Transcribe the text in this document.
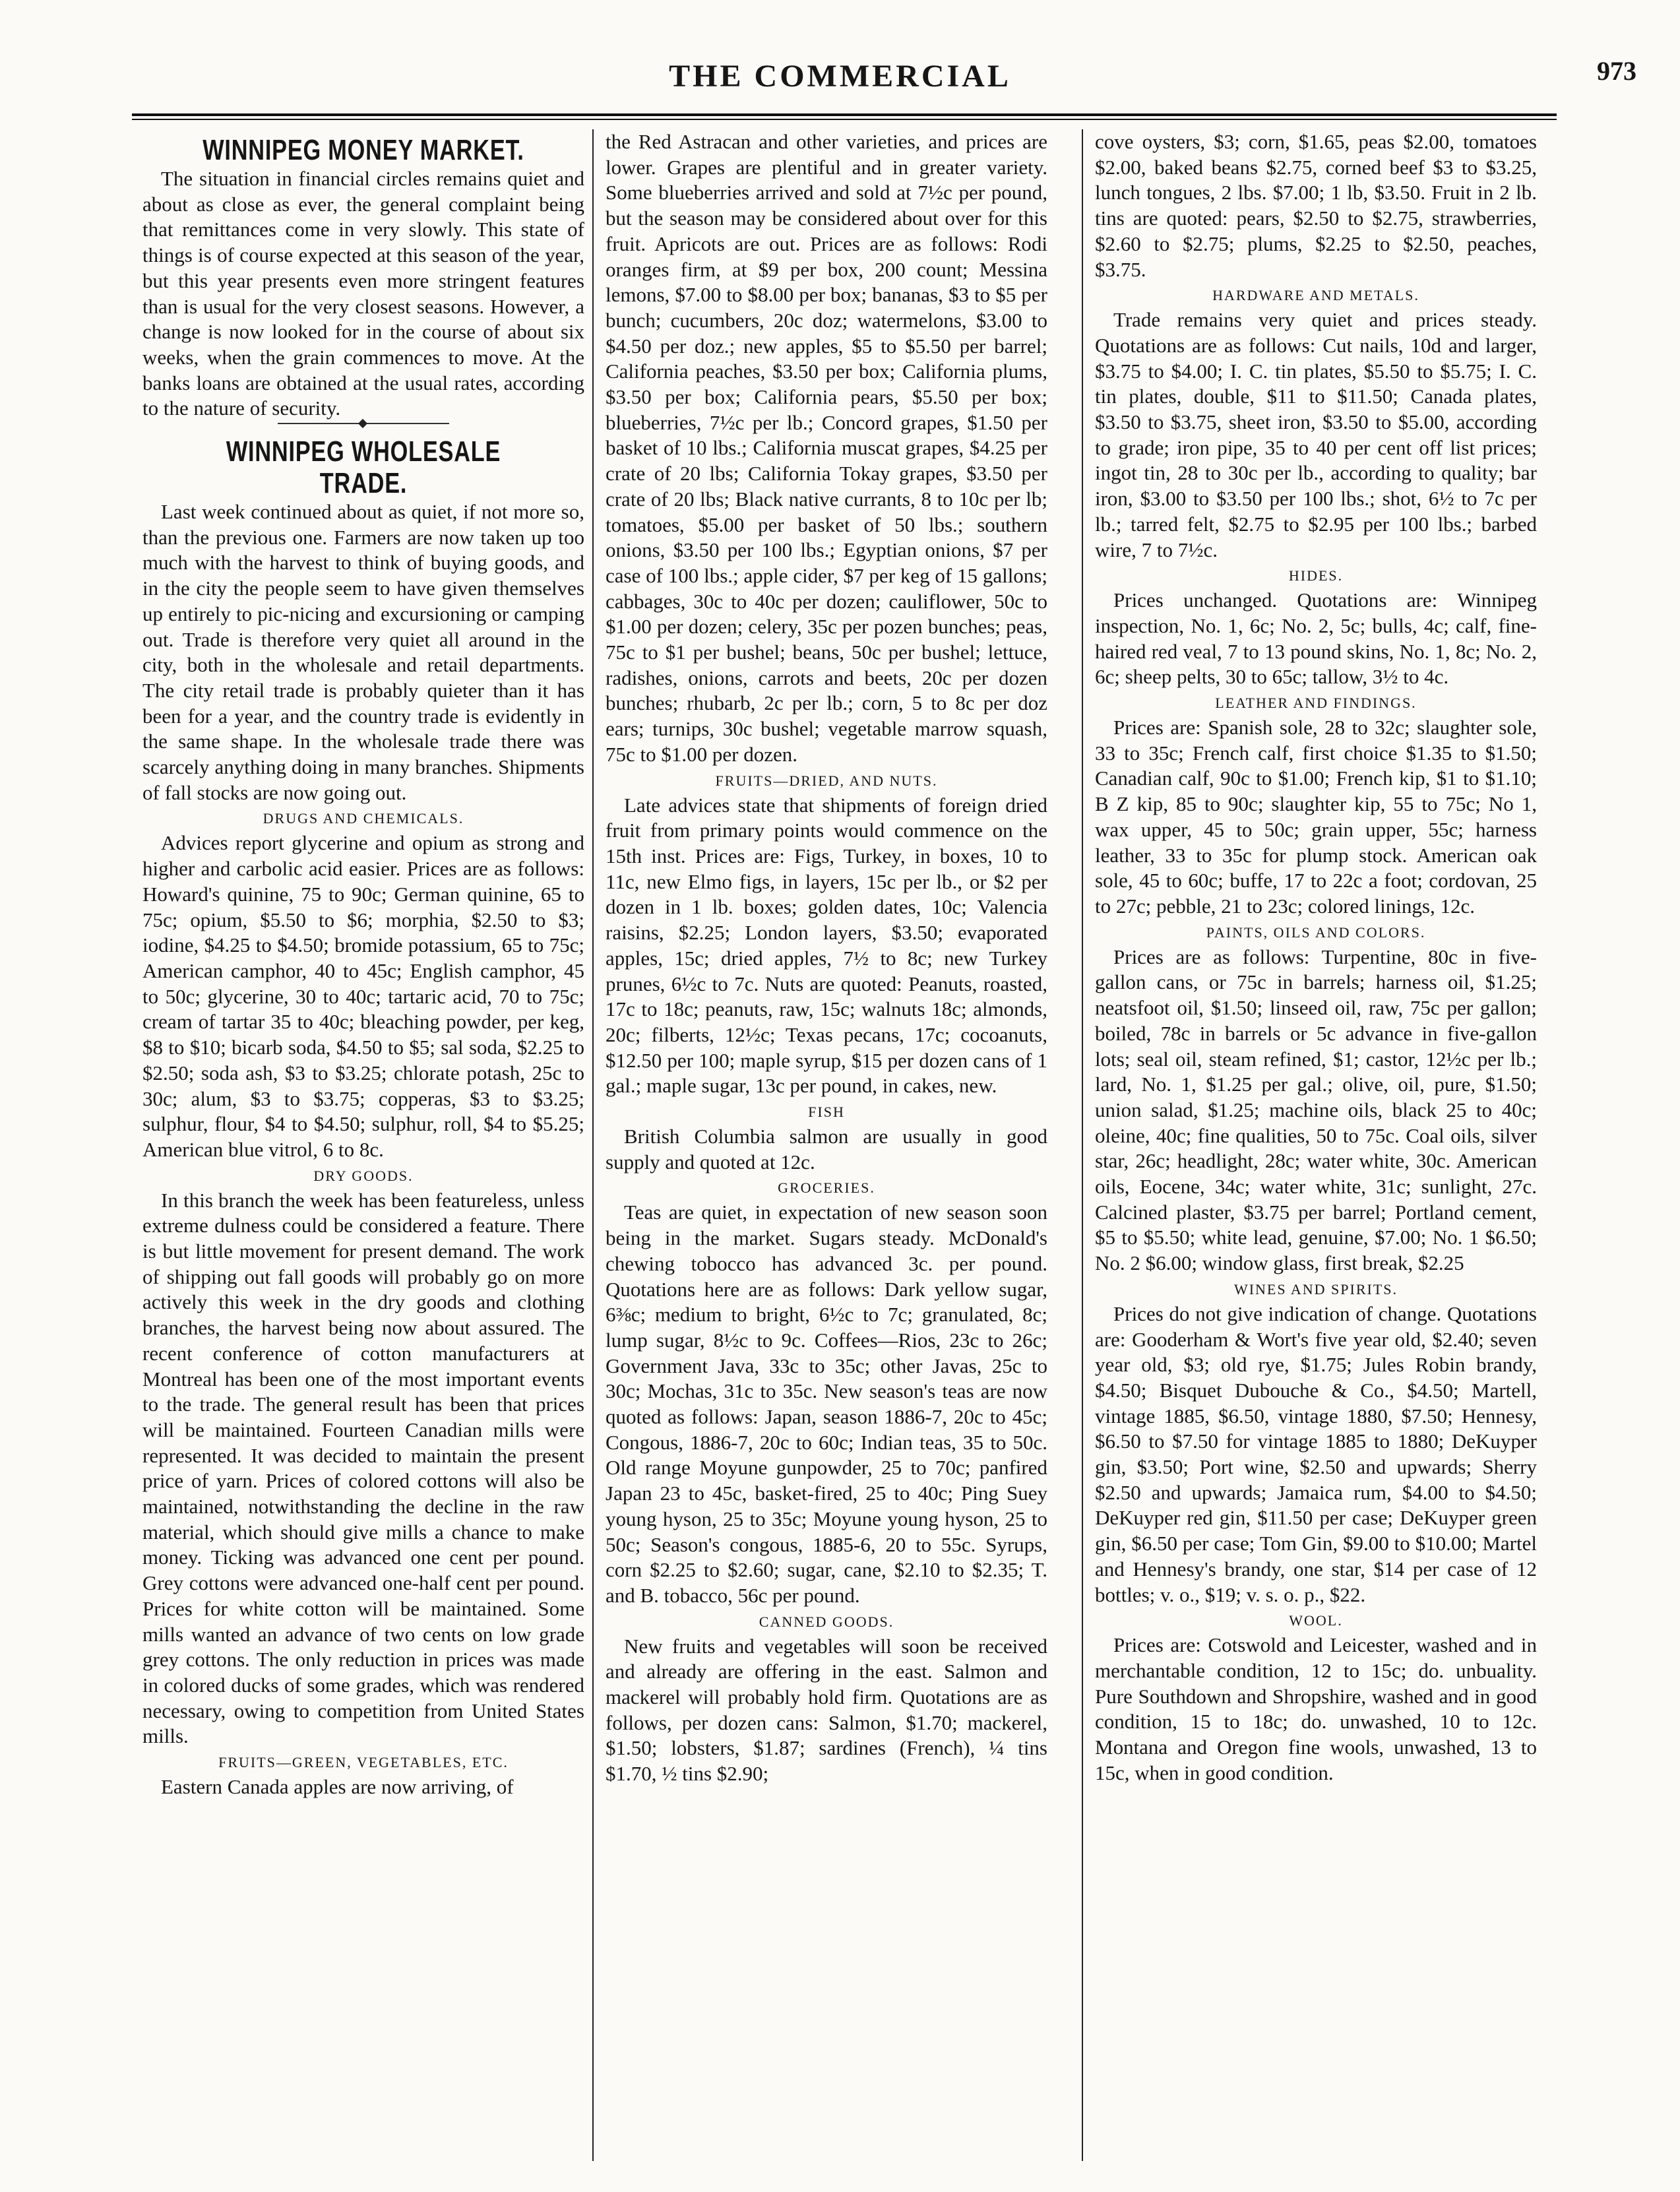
THE COMMERCIAL	973
WINNIPEG MONEY MARKET.

The situation in financial circles remains quiet and about as close as ever, the general complaint being that remittances come in very slowly. This state of things is of course expected at this season of the year, but this year presents even more stringent features than is usual for the very closest seasons. However, a change is now looked for in the course of about six weeks, when the grain commences to move. At the banks loans are obtained at the usual rates, according to the nature of security.

WINNIPEG WHOLESALE TRADE.

Last week continued about as quiet, if not more so, than the previous one. Farmers are now taken up too much with the harvest to think of buying goods, and in the city the people seem to have given themselves up entirely to pic-nicing and excursioning or camping out. Trade is therefore very quiet all around in the city, both in the wholesale and retail departments. The city retail trade is probably quieter than it has been for a year, and the country trade is evidently in the same shape. In the wholesale trade there was scarcely anything doing in many branches. Shipments of fall stocks are now going out.

DRUGS AND CHEMICALS.

Advices report glycerine and opium as strong and higher and carbolic acid easier. Prices are as follows: Howard's quinine, 75 to 90c; German quinine, 65 to 75c; opium, $5.50 to $6; morphia, $2.50 to $3; iodine, $4.25 to $4.50; bromide potassium, 65 to 75c; American camphor, 40 to 45c; English camphor, 45 to 50c; glycerine, 30 to 40c; tartaric acid, 70 to 75c; cream of tartar 35 to 40c; bleaching powder, per keg, $8 to $10; bicarb soda, $4.50 to $5; sal soda, $2.25 to $2.50; soda ash, $3 to $3.25; chlorate potash, 25c to 30c; alum, $3 to $3.75; copperas, $3 to $3.25; sulphur, flour, $4 to $4.50; sulphur, roll, $4 to $5.25; American blue vitrol, 6 to 8c.

DRY GOODS.

In this branch the week has been featureless, unless extreme dulness could be considered a feature. There is but little movement for present demand. The work of shipping out fall goods will probably go on more actively this week in the dry goods and clothing branches, the harvest being now about assured. The recent conference of cotton manufacturers at Montreal has been one of the most important events to the trade. The general result has been that prices will be maintained. Fourteen Canadian mills were represented. It was decided to maintain the present price of yarn. Prices of colored cottons will also be maintained, notwithstanding the decline in the raw material, which should give mills a chance to make money. Ticking was advanced one cent per pound. Grey cottons were advanced one-half cent per pound. Prices for white cotton will be maintained. Some mills wanted an advance of two cents on low grade grey cottons. The only reduction in prices was made in colored ducks of some grades, which was rendered necessary, owing to competition from United States mills.

FRUITS—GREEN, VEGETABLES, ETC.

Eastern Canada apples are now arriving, of

the Red Astracan and other varieties, and prices are lower. Grapes are plentiful and in greater variety. Some blueberries arrived and sold at 7½c per pound, but the season may be considered about over for this fruit. Apricots are out. Prices are as follows: Rodi oranges firm, at $9 per box, 200 count; Messina lemons, $7.00 to $8.00 per box; bananas, $3 to $5 per bunch; cucumbers, 20c doz; watermelons, $3.00 to $4.50 per doz.; new apples, $5 to $5.50 per barrel; California peaches, $3.50 per box; California plums, $3.50 per box; California pears, $5.50 per box; blueberries, 7½c per lb.; Concord grapes, $1.50 per basket of 10 lbs.; California muscat grapes, $4.25 per crate of 20 lbs; California Tokay grapes, $3.50 per crate of 20 lbs; Black native currants, 8 to 10c per lb; tomatoes, $5.00 per basket of 50 lbs.; southern onions, $3.50 per 100 lbs.; Egyptian onions, $7 per case of 100 lbs.; apple cider, $7 per keg of 15 gallons; cabbages, 30c to 40c per dozen; cauliflower, 50c to $1.00 per dozen; celery, 35c per pozen bunches; peas, 75c to $1 per bushel; beans, 50c per bushel; lettuce, radishes, onions, carrots and beets, 20c per dozen bunches; rhubarb, 2c per lb.; corn, 5 to 8c per doz ears; turnips, 30c bushel; vegetable marrow squash, 75c to $1.00 per dozen.

FRUITS—DRIED, AND NUTS.

Late advices state that shipments of foreign dried fruit from primary points would commence on the 15th inst. Prices are: Figs, Turkey, in boxes, 10 to 11c, new Elmo figs, in layers, 15c per lb., or $2 per dozen in 1 lb. boxes; golden dates, 10c; Valencia raisins, $2.25; London layers, $3.50; evaporated apples, 15c; dried apples, 7½ to 8c; new Turkey prunes, 6½c to 7c. Nuts are quoted: Peanuts, roasted, 17c to 18c; peanuts, raw, 15c; walnuts 18c; almonds, 20c; filberts, 12½c; Texas pecans, 17c; cocoanuts, $12.50 per 100; maple syrup, $15 per dozen cans of 1 gal.; maple sugar, 13c per pound, in cakes, new.

FISH

British Columbia salmon are usually in good supply and quoted at 12c.

GROCERIES.

Teas are quiet, in expectation of new season soon being in the market. Sugars steady. McDonald's chewing tobocco has advanced 3c. per pound. Quotations here are as follows: Dark yellow sugar, 6⅜c; medium to bright, 6½c to 7c; granulated, 8c; lump sugar, 8½c to 9c. Coffees—Rios, 23c to 26c; Government Java, 33c to 35c; other Javas, 25c to 30c; Mochas, 31c to 35c. New season's teas are now quoted as follows: Japan, season 1886-7, 20c to 45c; Congous, 1886-7, 20c to 60c; Indian teas, 35 to 50c. Old range Moyune gunpowder, 25 to 70c; panfired Japan 23 to 45c, basket-fired, 25 to 40c; Ping Suey young hyson, 25 to 35c; Moyune young hyson, 25 to 50c; Season's congous, 1885-6, 20 to 55c. Syrups, corn $2.25 to $2.60; sugar, cane, $2.10 to $2.35; T. and B. tobacco, 56c per pound.

CANNED GOODS.

New fruits and vegetables will soon be received and already are offering in the east. Salmon and mackerel will probably hold firm. Quotations are as follows, per dozen cans: Salmon, $1.70; mackerel, $1.50; lobsters, $1.87; sardines (French), ¼ tins $1.70, ½ tins $2.90;

cove oysters, $3; corn, $1.65, peas $2.00, tomatoes $2.00, baked beans $2.75, corned beef $3 to $3.25, lunch tongues, 2 lbs. $7.00; 1 lb, $3.50. Fruit in 2 lb. tins are quoted: pears, $2.50 to $2.75, strawberries, $2.60 to $2.75; plums, $2.25 to $2.50, peaches, $3.75.

HARDWARE AND METALS.

Trade remains very quiet and prices steady. Quotations are as follows: Cut nails, 10d and larger, $3.75 to $4.00; I. C. tin plates, $5.50 to $5.75; I. C. tin plates, double, $11 to $11.50; Canada plates, $3.50 to $3.75, sheet iron, $3.50 to $5.00, according to grade; iron pipe, 35 to 40 per cent off list prices; ingot tin, 28 to 30c per lb., according to quality; bar iron, $3.00 to $3.50 per 100 lbs.; shot, 6½ to 7c per lb.; tarred felt, $2.75 to $2.95 per 100 lbs.; barbed wire, 7 to 7½c.

HIDES.

Prices unchanged. Quotations are: Winnipeg inspection, No. 1, 6c; No. 2, 5c; bulls, 4c; calf, fine-haired red veal, 7 to 13 pound skins, No. 1, 8c; No. 2, 6c; sheep pelts, 30 to 65c; tallow, 3½ to 4c.

LEATHER AND FINDINGS.

Prices are: Spanish sole, 28 to 32c; slaughter sole, 33 to 35c; French calf, first choice $1.35 to $1.50; Canadian calf, 90c to $1.00; French kip, $1 to $1.10; B Z kip, 85 to 90c; slaughter kip, 55 to 75c; No 1, wax upper, 45 to 50c; grain upper, 55c; harness leather, 33 to 35c for plump stock. American oak sole, 45 to 60c; buffe, 17 to 22c a foot; cordovan, 25 to 27c; pebble, 21 to 23c; colored linings, 12c.

PAINTS, OILS AND COLORS.

Prices are as follows: Turpentine, 80c in five-gallon cans, or 75c in barrels; harness oil, $1.25; neatsfoot oil, $1.50; linseed oil, raw, 75c per gallon; boiled, 78c in barrels or 5c advance in five-gallon lots; seal oil, steam refined, $1; castor, 12½c per lb.; lard, No. 1, $1.25 per gal.; olive, oil, pure, $1.50; union salad, $1.25; machine oils, black 25 to 40c; oleine, 40c; fine qualities, 50 to 75c. Coal oils, silver star, 26c; headlight, 28c; water white, 30c. American oils, Eocene, 34c; water white, 31c; sunlight, 27c. Calcined plaster, $3.75 per barrel; Portland cement, $5 to $5.50; white lead, genuine, $7.00; No. 1 $6.50; No. 2 $6.00; window glass, first break, $2.25

WINES AND SPIRITS.

Prices do not give indication of change. Quotations are: Gooderham & Wort's five year old, $2.40; seven year old, $3; old rye, $1.75; Jules Robin brandy, $4.50; Bisquet Dubouche & Co., $4.50; Martell, vintage 1885, $6.50, vintage 1880, $7.50; Hennesy, $6.50 to $7.50 for vintage 1885 to 1880; DeKuyper gin, $3.50; Port wine, $2.50 and upwards; Sherry $2.50 and upwards; Jamaica rum, $4.00 to $4.50; DeKuyper red gin, $11.50 per case; DeKuyper green gin, $6.50 per case; Tom Gin, $9.00 to $10.00; Martel and Hennesy's brandy, one star, $14 per case of 12 bottles; v. o., $19; v. s. o. p., $22.

WOOL.

Prices are: Cotswold and Leicester, washed and in merchantable condition, 12 to 15c; do. unbuality. Pure Southdown and Shropshire, washed and in good condition, 15 to 18c; do. unwashed, 10 to 12c. Montana and Oregon fine wools, unwashed, 13 to 15c, when in good condition.
